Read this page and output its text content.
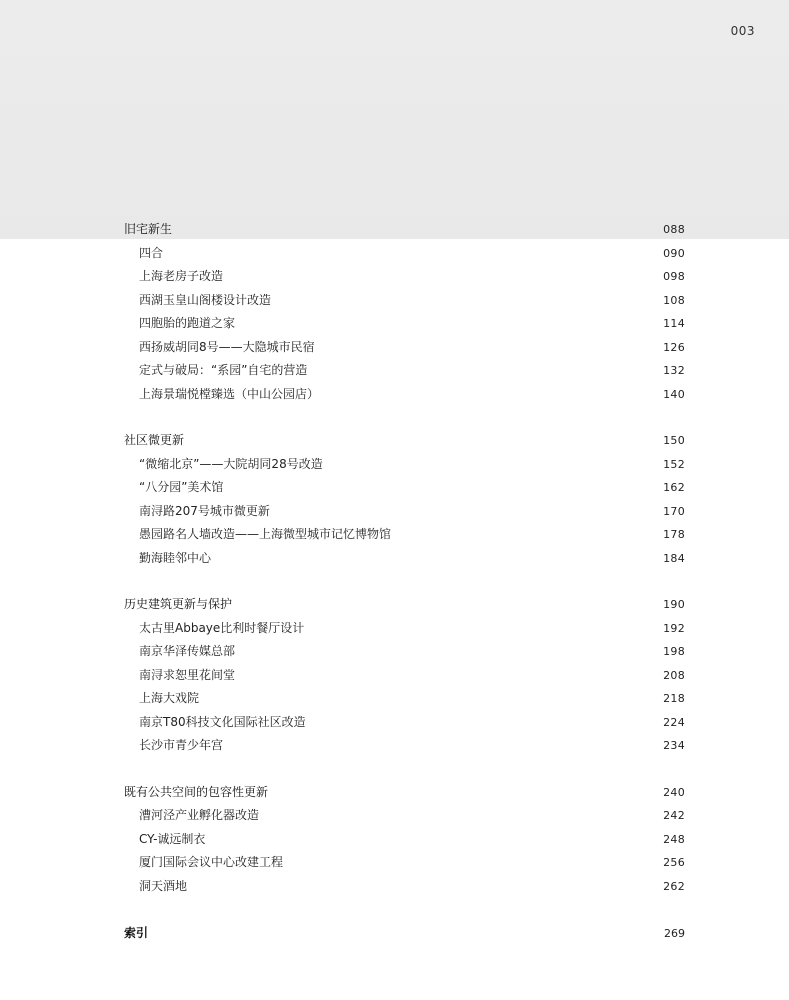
003
旧宅新生	088
四合	090
上海老房子改造	098
西湖玉皇山阁楼设计改造	108
四胞胎的跑道之家	114
西扬威胡同8号——大隐城市民宿	126
定式与破局：“系园”自宅的营造	132
上海景瑞悦樘臻选（中山公园店）	140
社区微更新	150
“微缩北京”——大院胡同28号改造	152
“八分园”美术馆	162
南浔路207号城市微更新	170
愚园路名人墙改造——上海微型城市记忆博物馆	178
勤海睦邻中心	184
历史建筑更新与保护	190
太古里Abbaye比利时餐厅设计	192
南京华泽传媒总部	198
南浔求恕里花间堂	208
上海大戏院	218
南京T80科技文化国际社区改造	224
长沙市青少年宫	234
既有公共空间的包容性更新	240
漕河泾产业孵化器改造	242
CY-诚远制衣	248
厦门国际会议中心改建工程	256
洞天酒地	262
索引	269
